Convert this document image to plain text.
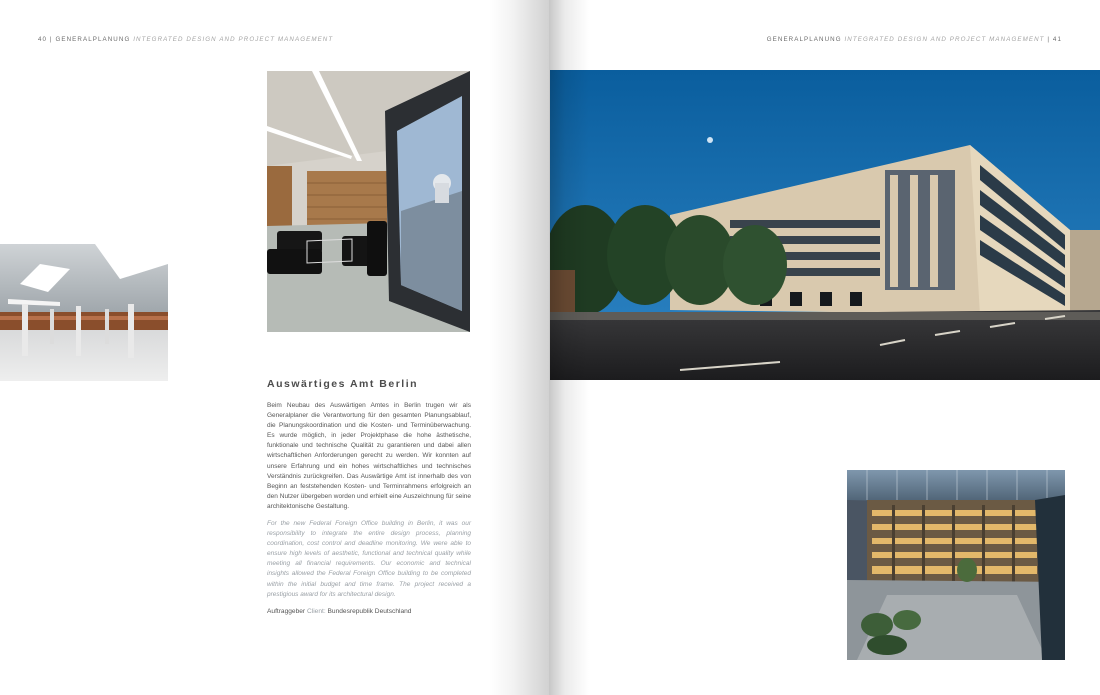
40 | GENERALPLANUNG INTEGRATED DESIGN AND PROJECT MANAGEMENT
Auswärtiges Amt Berlin

Beim Neubau des Auswärtigen Amtes in Berlin trugen wir als Generalplaner die Verantwortung für den gesamten Planungsablauf, die Planungskoordination und die Kosten- und Terminüberwachung. Es wurde möglich, in jeder Projektphase die hohe ästhetische, funktionale und technische Qualität zu garantieren und dabei allen wirtschaftlichen Anforderungen gerecht zu werden. Wir konnten auf unsere Erfahrung und ein hohes wirtschaftliches und technisches Verständnis zurückgreifen. Das Auswärtige Amt ist innerhalb des von Beginn an feststehenden Kosten- und Terminrahmens erfolgreich an den Nutzer übergeben worden und erhielt eine Auszeichnung für seine architektonische Gestaltung.

For the new Federal Foreign Office building in Berlin, it was our responsibility to integrate the entire design process, planning coordination, cost control and deadline monitoring. We were able to ensure high levels of aesthetic, functional and technical quality while meeting all financial requirements. Our economic and technical insights allowed the Federal Foreign Office building to be completed within the initial budget and time frame. The project received a prestigious award for its architectural design.

Auftraggeber Client: Bundesrepublik Deutschland
GENERALPLANUNG INTEGRATED DESIGN AND PROJECT MANAGEMENT | 41
